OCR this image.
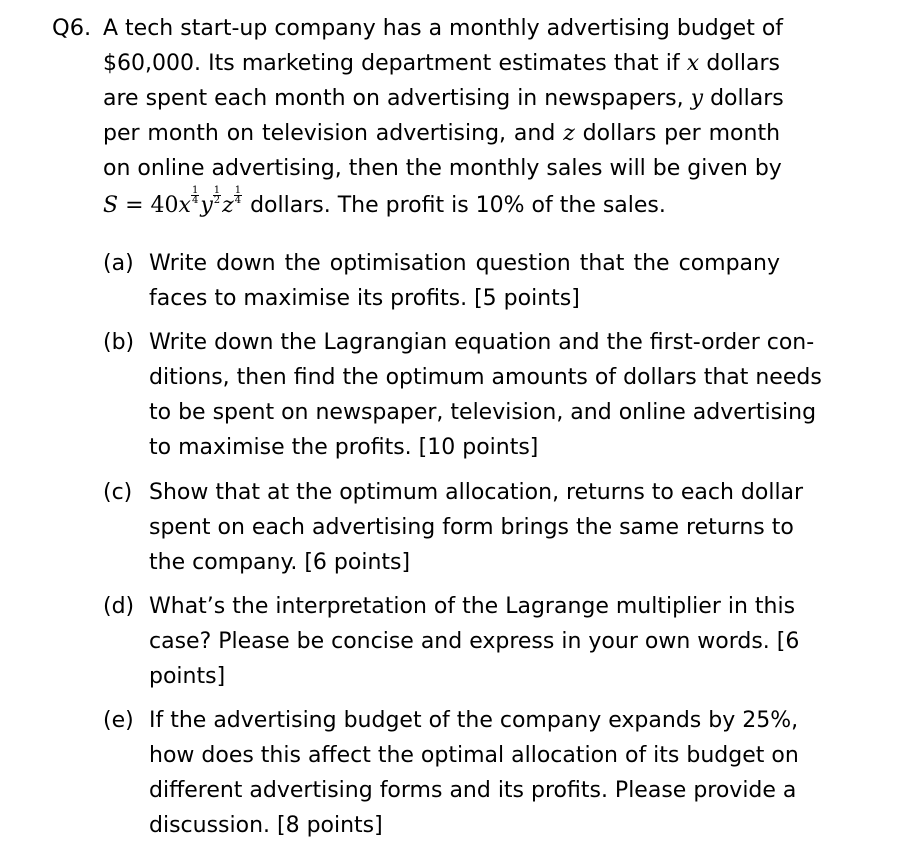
Q6. A tech start-up company has a monthly advertising budget of
$60,000. Its marketing department estimates that if x dollars
are spent each month on advertising in newspapers, y dollars
per month on television advertising, and z dollars per month
on online advertising, then the monthly sales will be given by
$S = 40x \frac{1}{4}$ y $\frac{1}{2}$ z $\frac{1}{4}$ dollars. The profit is 10% of the sales.
(a) Write down the optimisation question that the company
faces to maximise its profits. [5 points]
(b) Write down the Lagrangian equation and the first-order con-
ditions, then find the optimum amounts of dollars that needs
to be spent on newspaper, television, and online advertising
to maximise the profits. [10 points]
(c) Show that at the optimum allocation, returns to each dollar
spent on each advertising form brings the same returns to
the company. [6 points]
(d) What’s the interpretation of the Lagrange multiplier in this
case? Please be concise and express in your own words. [6
points]
(e) If the advertising budget of the company expands by 25%,
how does this affect the optimal allocation of its budget on
different advertising forms and its profits. Please provide a
discussion. [8 points]
